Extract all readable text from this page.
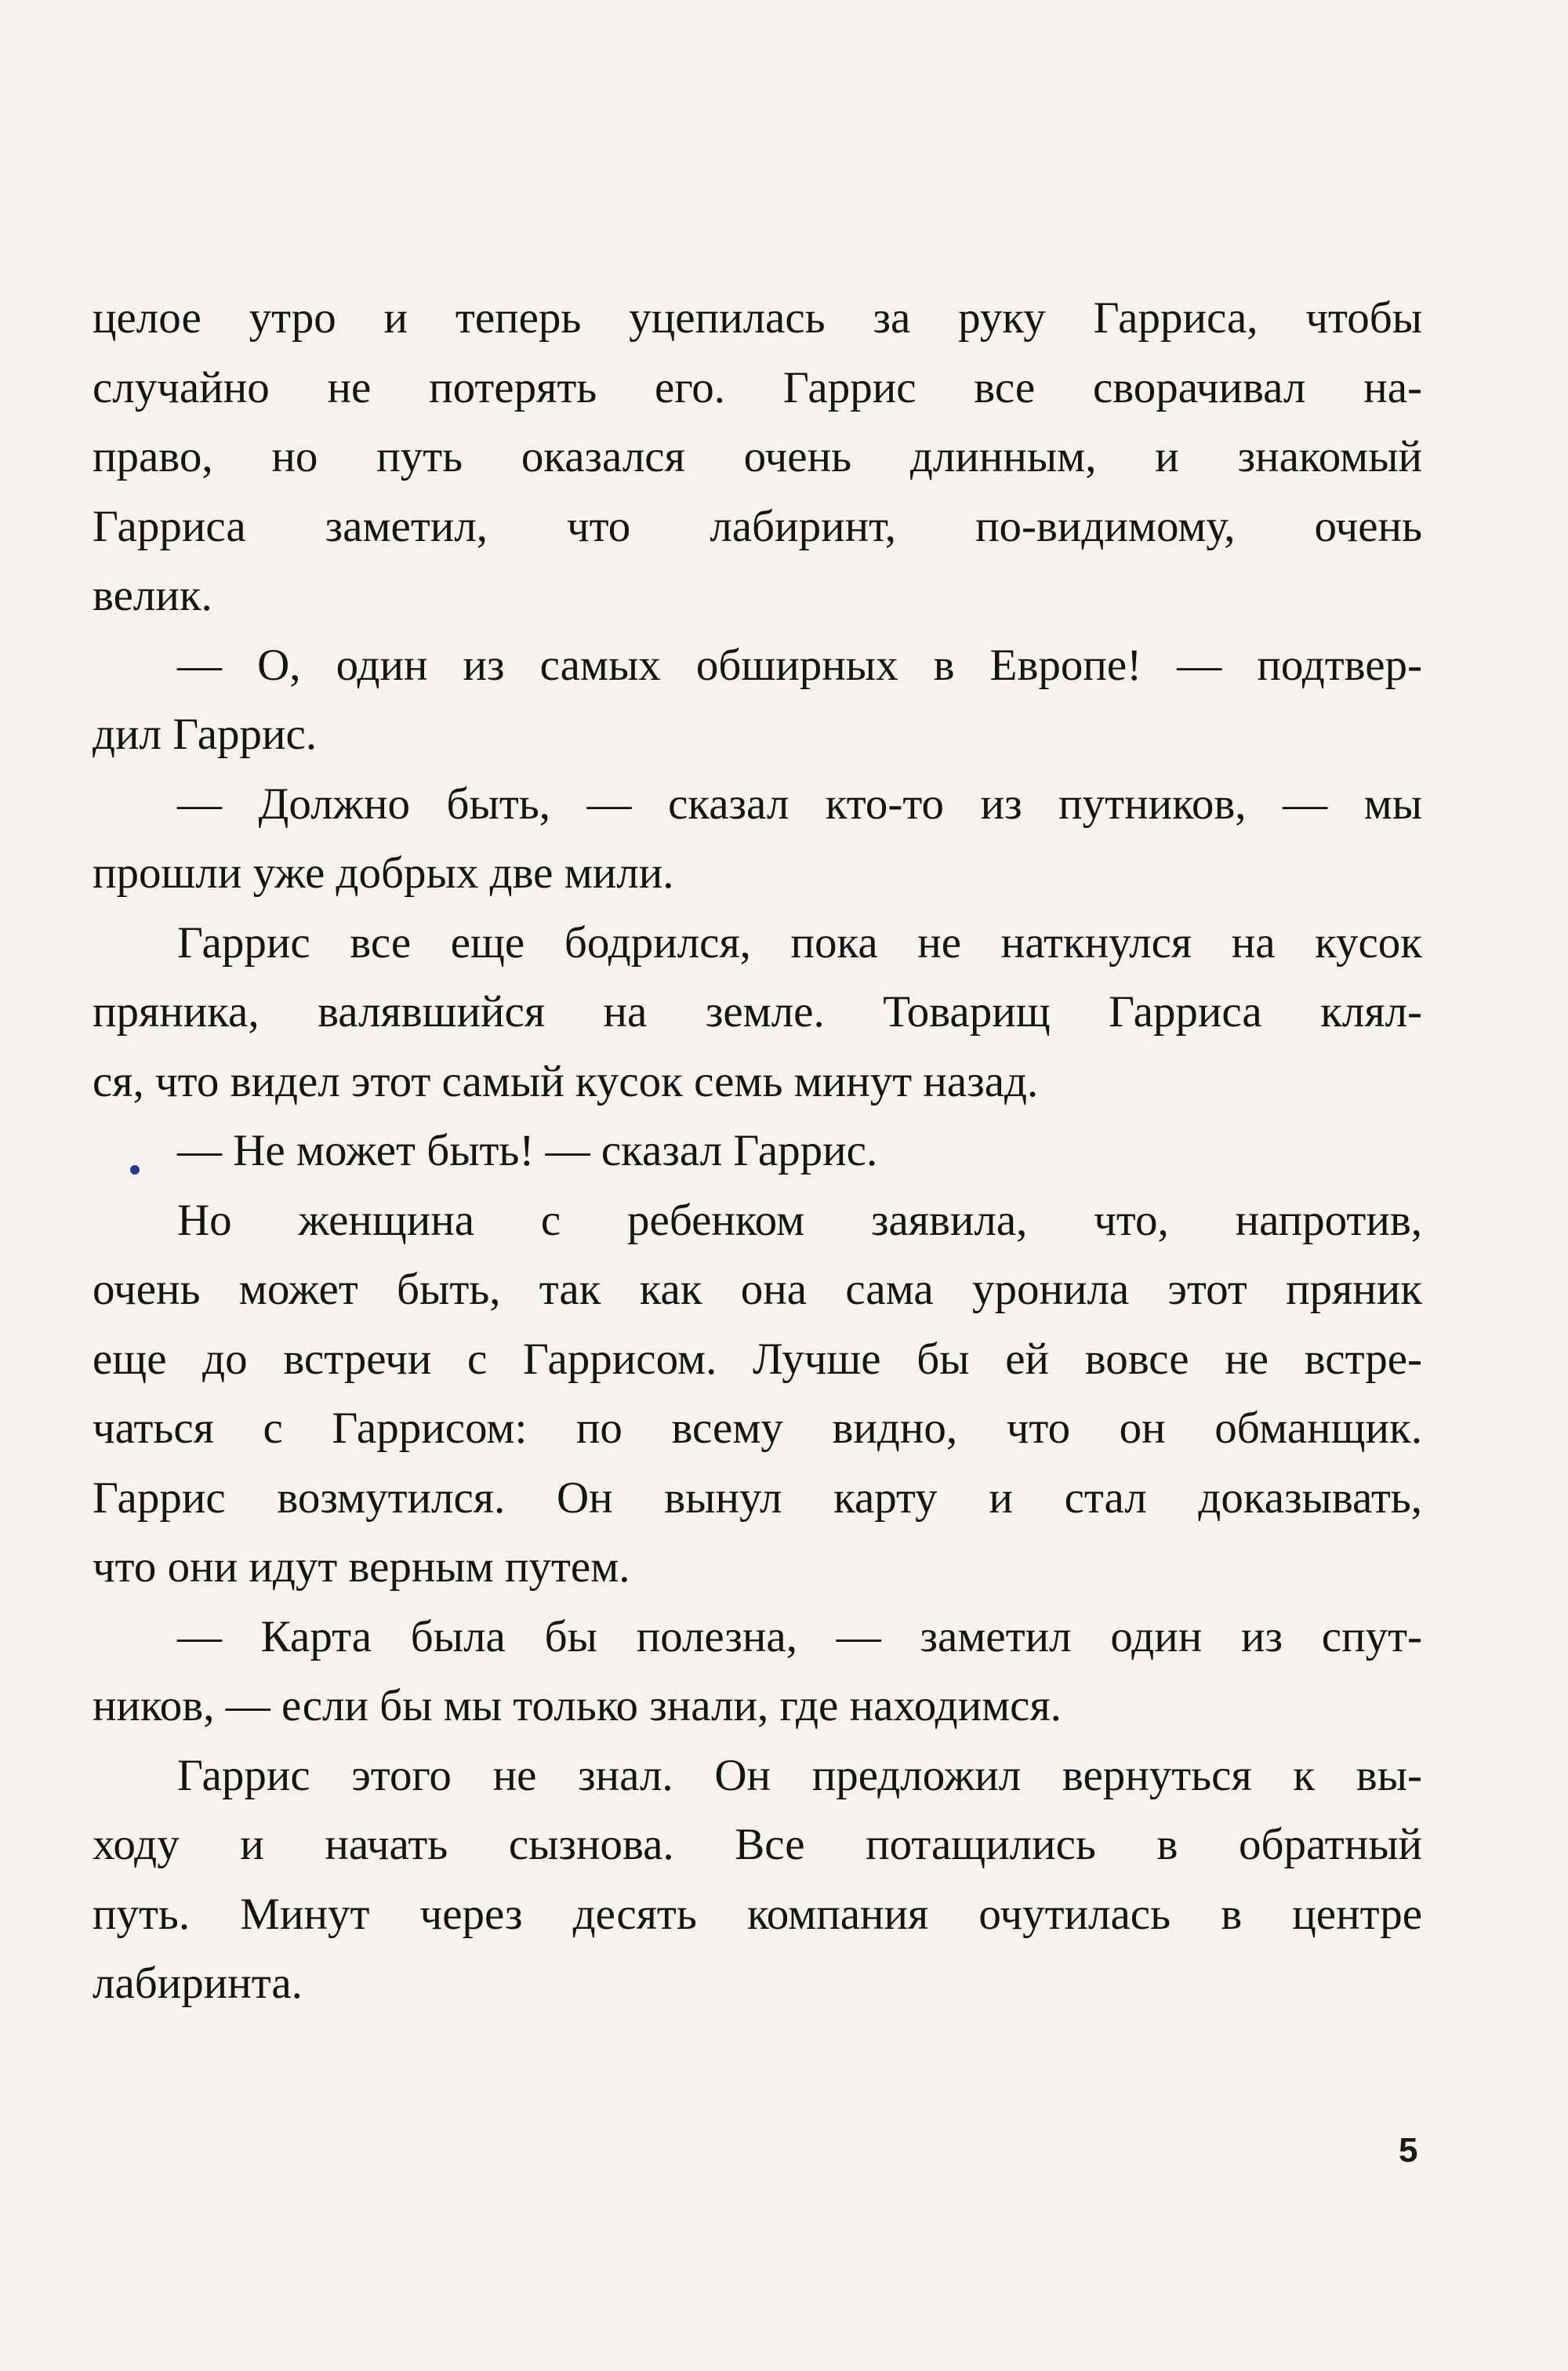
целое утро и теперь уцепилась за руку Гарриса, чтобы
случайно не потерять его. Гаррис все сворачивал на-
право, но путь оказался очень длинным, и знакомый
Гарриса заметил, что лабиринт, по-видимому, очень
велик.
— О, один из самых обширных в Европе! — подтвер-
дил Гаррис.
— Должно быть, — сказал кто-то из путников, — мы
прошли уже добрых две мили.
Гаррис все еще бодрился, пока не наткнулся на кусок
пряника, валявшийся на земле. Товарищ Гарриса клял-
ся, что видел этот самый кусок семь минут назад.
— Не может быть! — сказал Гаррис.
Но женщина с ребенком заявила, что, напротив,
очень может быть, так как она сама уронила этот пряник
еще до встречи с Гаррисом. Лучше бы ей вовсе не встре-
чаться с Гаррисом: по всему видно, что он обманщик.
Гаррис возмутился. Он вынул карту и стал доказывать,
что они идут верным путем.
— Карта была бы полезна, — заметил один из спут-
ников, — если бы мы только знали, где находимся.
Гаррис этого не знал. Он предложил вернуться к вы-
ходу и начать сызнова. Все потащились в обратный
путь. Минут через десять компания очутилась в центре
лабиринта.
5
